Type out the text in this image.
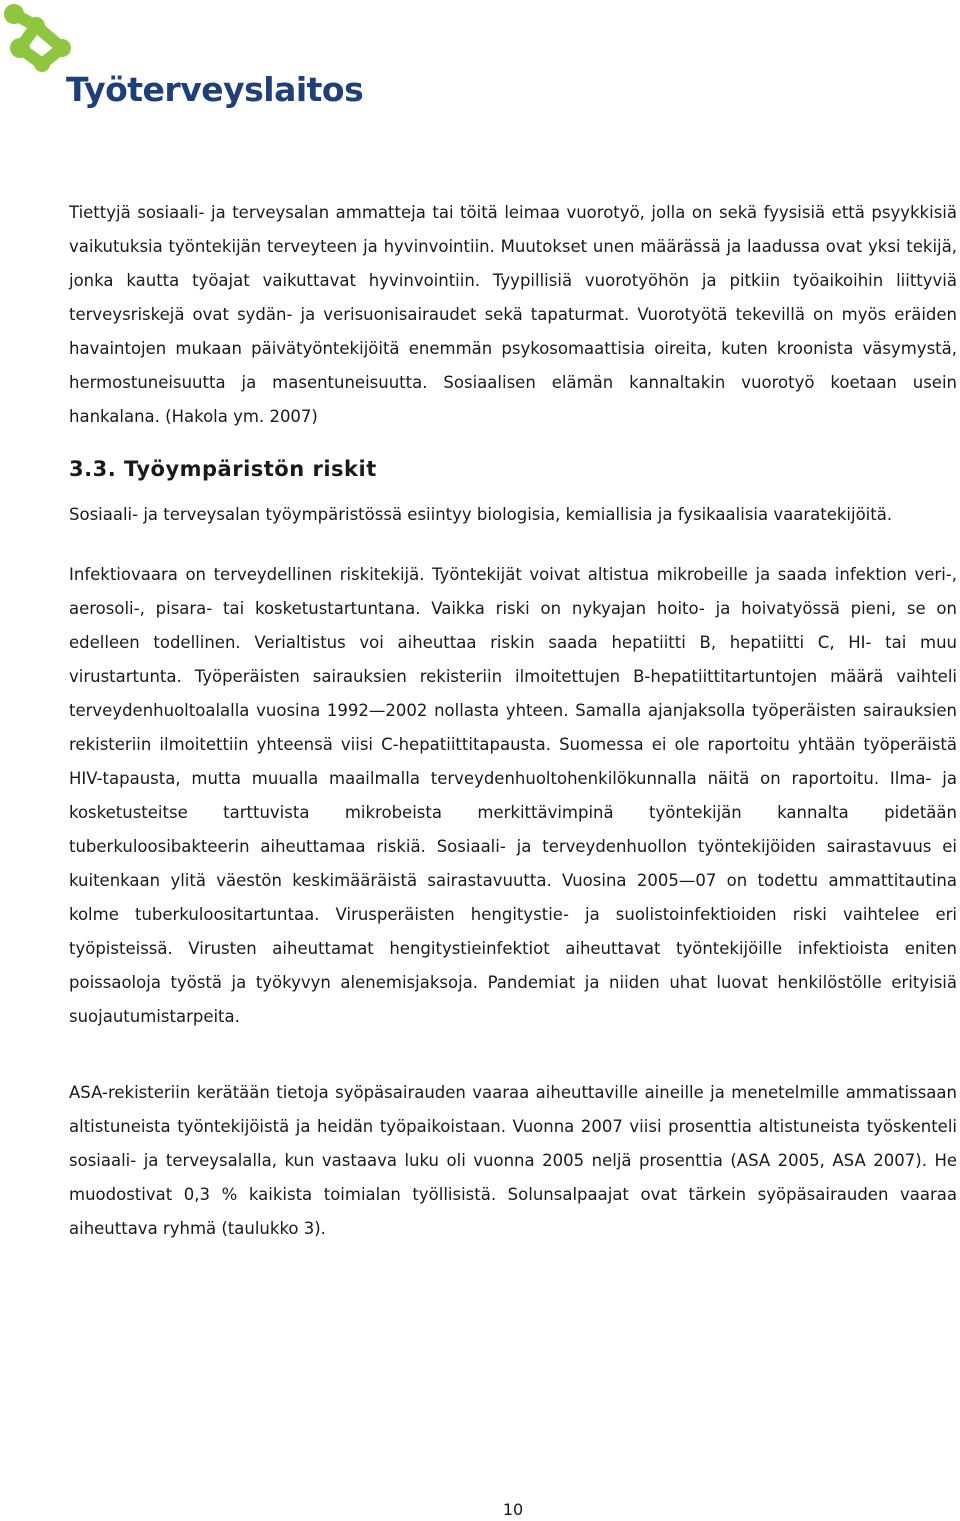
Työterveyslaitos

Tiettyjä sosiaali- ja terveysalan ammatteja tai töitä leimaa vuorotyö, jolla on sekä fyysisiä että psyykkisiä vaikutuksia työntekijän terveyteen ja hyvinvointiin. Muutokset unen määrässä ja laadussa ovat yksi tekijä, jonka kautta työajat vaikuttavat hyvinvointiin. Tyypillisiä vuorotyöhön ja pitkiin työaikoihin liittyviä terveysriskejä ovat sydän- ja verisuonisairaudet sekä tapaturmat. Vuorotyötä tekevillä on myös eräiden havaintojen mukaan päivätyöntekijöitä enemmän psykosomaattisia oireita, kuten kroonista väsymystä, hermostuneisuutta ja masentuneisuutta. Sosiaalisen elämän kannaltakin vuorotyö koetaan usein hankalana. (Hakola ym. 2007)

3.3. Työympäristön riskit

Sosiaali- ja terveysalan työympäristössä esiintyy biologisia, kemiallisia ja fysikaalisia vaaratekijöitä.

Infektiovaara on terveydellinen riskitekijä. Työntekijät voivat altistua mikrobeille ja saada infektion veri-, aerosoli-, pisara- tai kosketustartuntana. Vaikka riski on nykyajan hoito- ja hoivatyössä pieni, se on edelleen todellinen. Verialtistus voi aiheuttaa riskin saada hepatiitti B, hepatiitti C, HI- tai muu virustartunta. Työperäisten sairauksien rekisteriin ilmoitettujen B-hepatiittitartuntojen määrä vaihteli terveydenhuoltoalalla vuosina 1992—2002 nollasta yhteen. Samalla ajanjaksolla työperäisten sairauksien rekisteriin ilmoitettiin yhteensä viisi C-hepatiittitapausta. Suomessa ei ole raportoitu yhtään työperäistä HIV-tapausta, mutta muualla maailmalla terveydenhuoltohenkilökunnalla näitä on raportoitu. Ilma- ja kosketusteitse tarttuvista mikrobeista merkittävimpinä työntekijän kannalta pidetään tuberkuloosibakteerin aiheuttamaa riskiä. Sosiaali- ja terveydenhuollon työntekijöiden sairastavuus ei kuitenkaan ylitä väestön keskimääräistä sairastavuutta. Vuosina 2005—07 on todettu ammattitautina kolme tuberkuloositartuntaa. Virusperäisten hengitystie- ja suolistoinfektioiden riski vaihtelee eri työpisteissä. Virusten aiheuttamat hengitystieinfektiot aiheuttavat työntekijöille infektioista eniten poissaoloja työstä ja työkyvyn alenemisjaksoja. Pandemiat ja niiden uhat luovat henkilöstölle erityisiä suojautumistarpeita.

ASA-rekisteriin kerätään tietoja syöpäsairauden vaaraa aiheuttaville aineille ja menetelmille ammatissaan altistuneista työntekijöistä ja heidän työpaikoistaan. Vuonna 2007 viisi prosenttia altistuneista työskenteli sosiaali- ja terveysalalla, kun vastaava luku oli vuonna 2005 neljä prosenttia (ASA 2005, ASA 2007). He muodostivat 0,3 % kaikista toimialan työllisistä. Solunsalpaajat ovat tärkein syöpäsairauden vaaraa aiheuttava ryhmä (taulukko 3).

10
